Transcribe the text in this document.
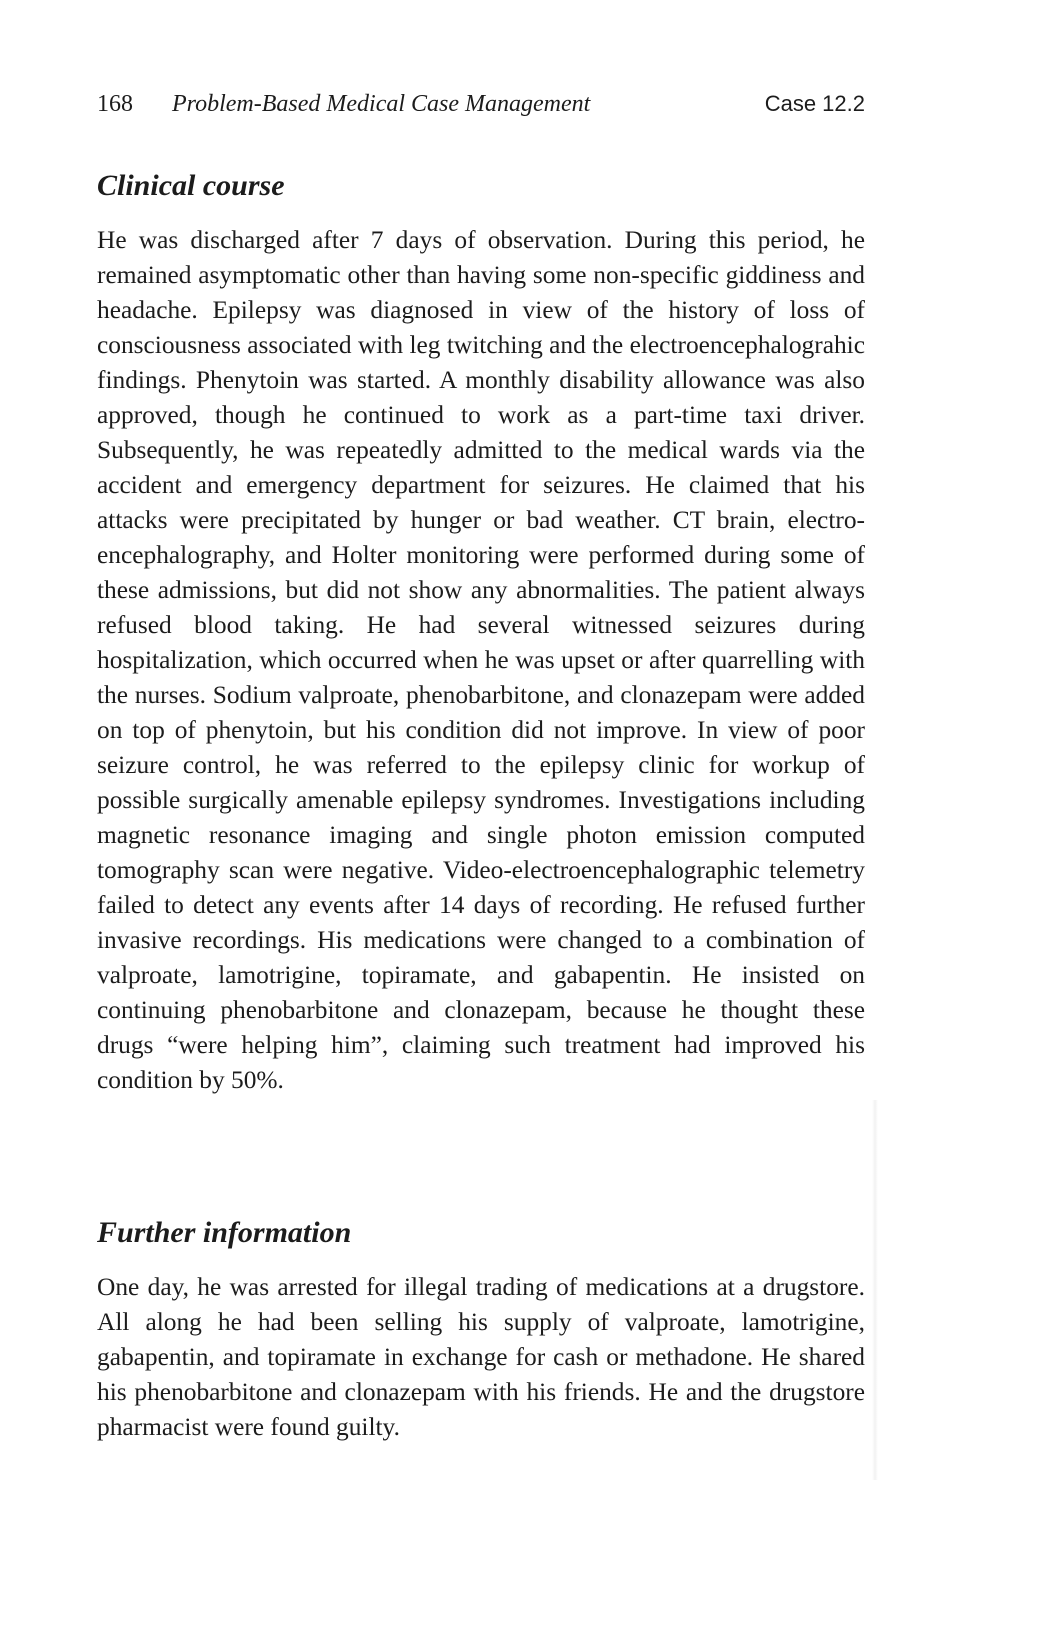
168 Problem-Based Medical Case Management	Case 12.2
Clinical course

He was discharged after 7 days of observation. During this period, he remained asymptomatic other than having some non-specific giddiness and headache. Epilepsy was diagnosed in view of the history of loss of consciousness associated with leg twitching and the electroencephalograhic findings. Phenytoin was started. A monthly disability allowance was also approved, though he continued to work as a part-time taxi driver. Subsequently, he was repeatedly admitted to the medical wards via the accident and emergency department for seizures. He claimed that his attacks were precipitated by hunger or bad weather. CT brain, electroencephalography, and Holter monitoring were performed during some of these admissions, but did not show any abnormalities. The patient always refused blood taking. He had several witnessed seizures during hospitalization, which occurred when he was upset or after quarrelling with the nurses. Sodium valproate, phenobarbitone, and clonazepam were added on top of phenytoin, but his condition did not improve. In view of poor seizure control, he was referred to the epilepsy clinic for workup of possible surgically amenable epilepsy syndromes. Investigations including magnetic resonance imaging and single photon emission computed tomography scan were negative. Video-electroencephalographic telemetry failed to detect any events after 14 days of recording. He refused further invasive recordings. His medications were changed to a combination of valproate, lamotrigine, topiramate, and gabapentin. He insisted on continuing phenobarbitone and clonazepam, because he thought these drugs “were helping him”, claiming such treatment had improved his condition by 50%.

Further information

One day, he was arrested for illegal trading of medications at a drugstore. All along he had been selling his supply of valproate, lamotrigine, gabapentin, and topiramate in exchange for cash or methadone. He shared his phenobarbitone and clonazepam with his friends. He and the drugstore pharmacist were found guilty.
